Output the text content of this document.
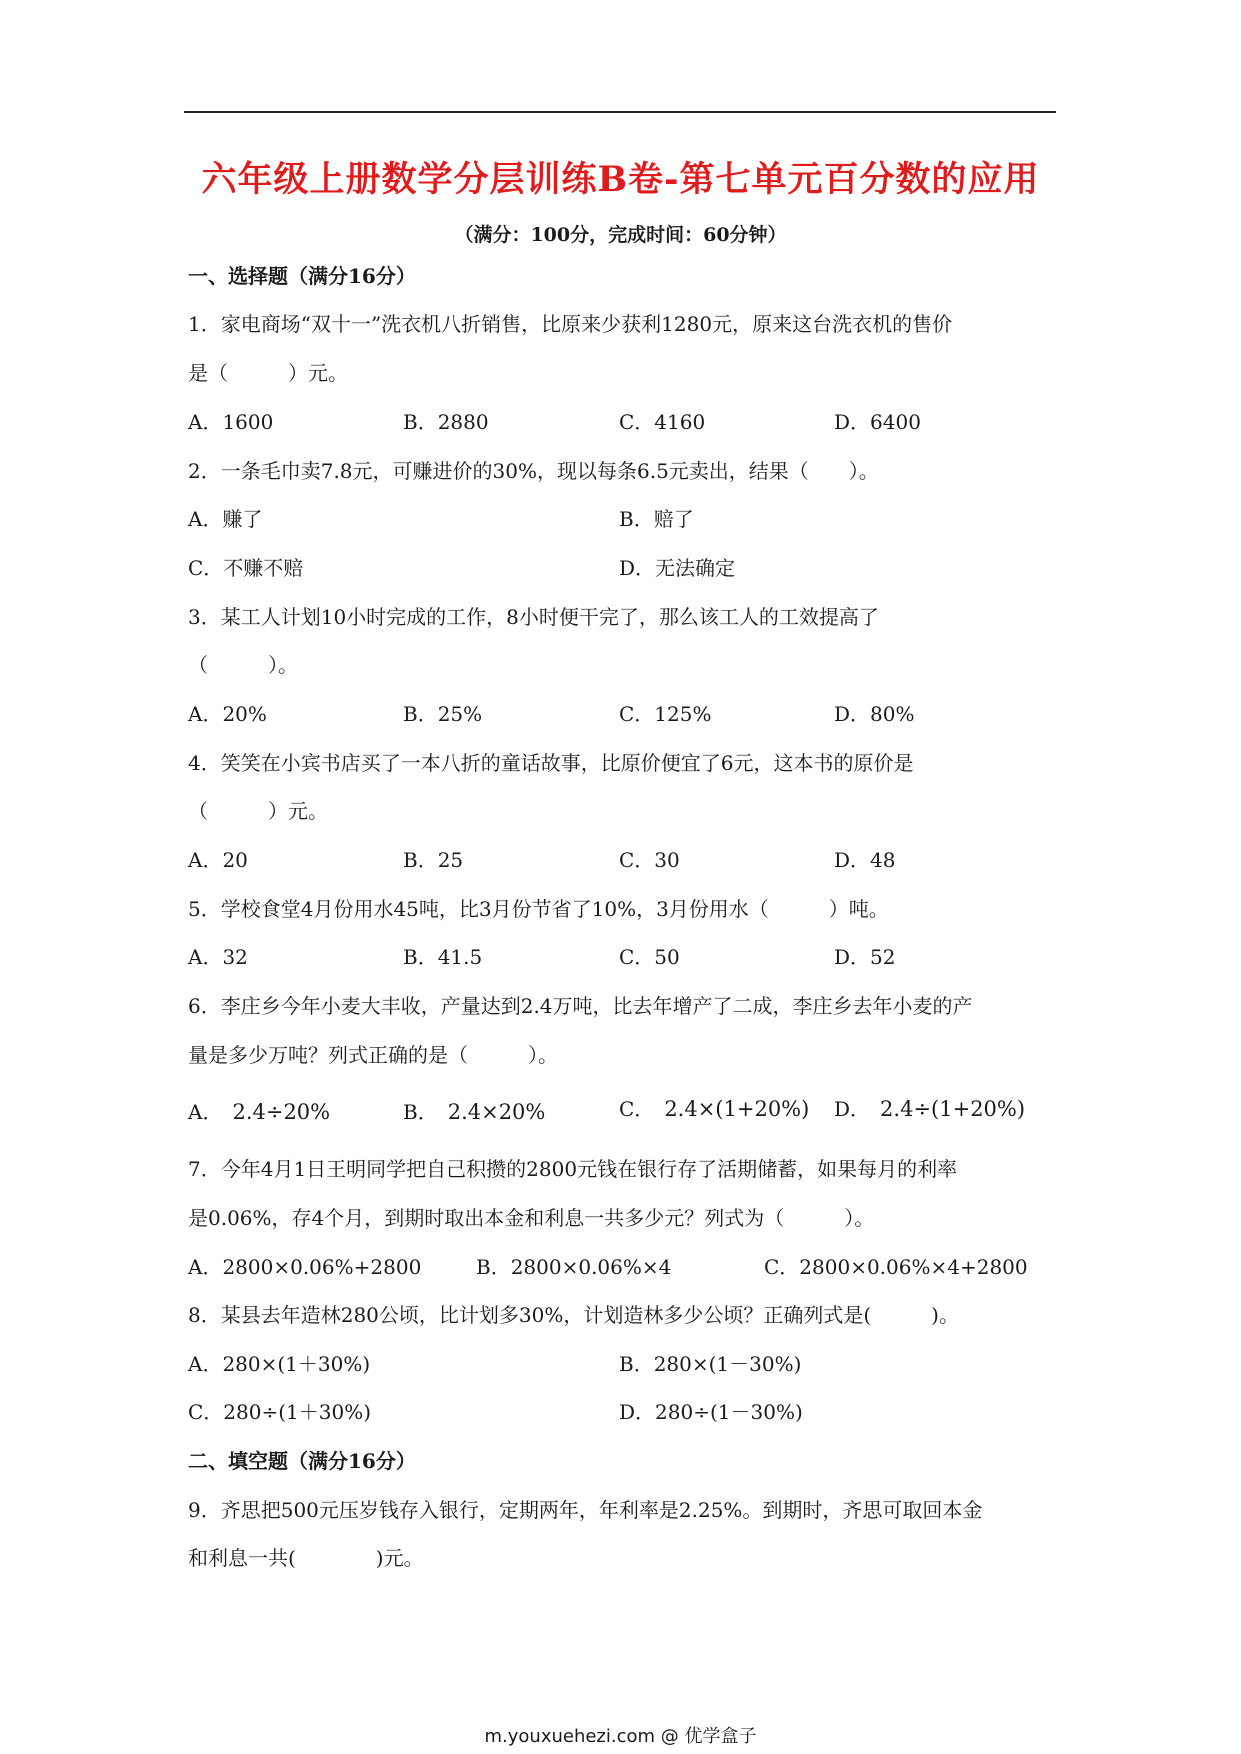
六年级上册数学分层训练B卷-第七单元百分数的应用
（满分：100分，完成时间：60分钟）
一、选择题（满分16分）
1．家电商场“双十一”洗衣机八折销售，比原来少获利1280元，原来这台洗衣机的售价
是（　　　）元。
A．1600	B．2880	C．4160	D．6400
2．一条毛巾卖7.8元，可赚进价的30%，现以每条6.5元卖出，结果（　　）。
A．赚了	B．赔了
C．不赚不赔	D．无法确定
3．某工人计划10小时完成的工作，8小时便干完了，那么该工人的工效提高了
（　　　）。
A．20%	B．25%	C．125%	D．80%
4．笑笑在小宾书店买了一本八折的童话故事，比原价便宜了6元，这本书的原价是
（　　　）元。
A．20	B．25	C．30	D．48
5．学校食堂4月份用水45吨，比3月份节省了10%，3月份用水（　　　）吨。
A．32	B．41.5	C．50	D．52
6．李庄乡今年小麦大丰收，产量达到2.4万吨，比去年增产了二成，李庄乡去年小麦的产
量是多少万吨？列式正确的是（　　　）。
A． 2.4÷20%	B． 2.4×20%	C． 2.4×(1+20%) D． 2.4÷(1+20%)
7．今年4月1日王明同学把自己积攒的2800元钱在银行存了活期储蓄，如果每月的利率
是0.06%，存4个月，到期时取出本金和利息一共多少元？列式为（　　　）。
A．2800×0.06%+2800	B．2800×0.06%×4	C．2800×0.06%×4+2800
8．某县去年造林280公顷，比计划多30%，计划造林多少公顷？正确列式是(　　　)。
A．280×(1＋30%)	B．280×(1－30%)
C．280÷(1＋30%)	D．280÷(1－30%)
二、填空题（满分16分）
9．齐思把500元压岁钱存入银行，定期两年，年利率是2.25%。到期时，齐思可取回本金
和利息一共(　　　　)元。
m.youxuehezi.com @ 优学盒子
